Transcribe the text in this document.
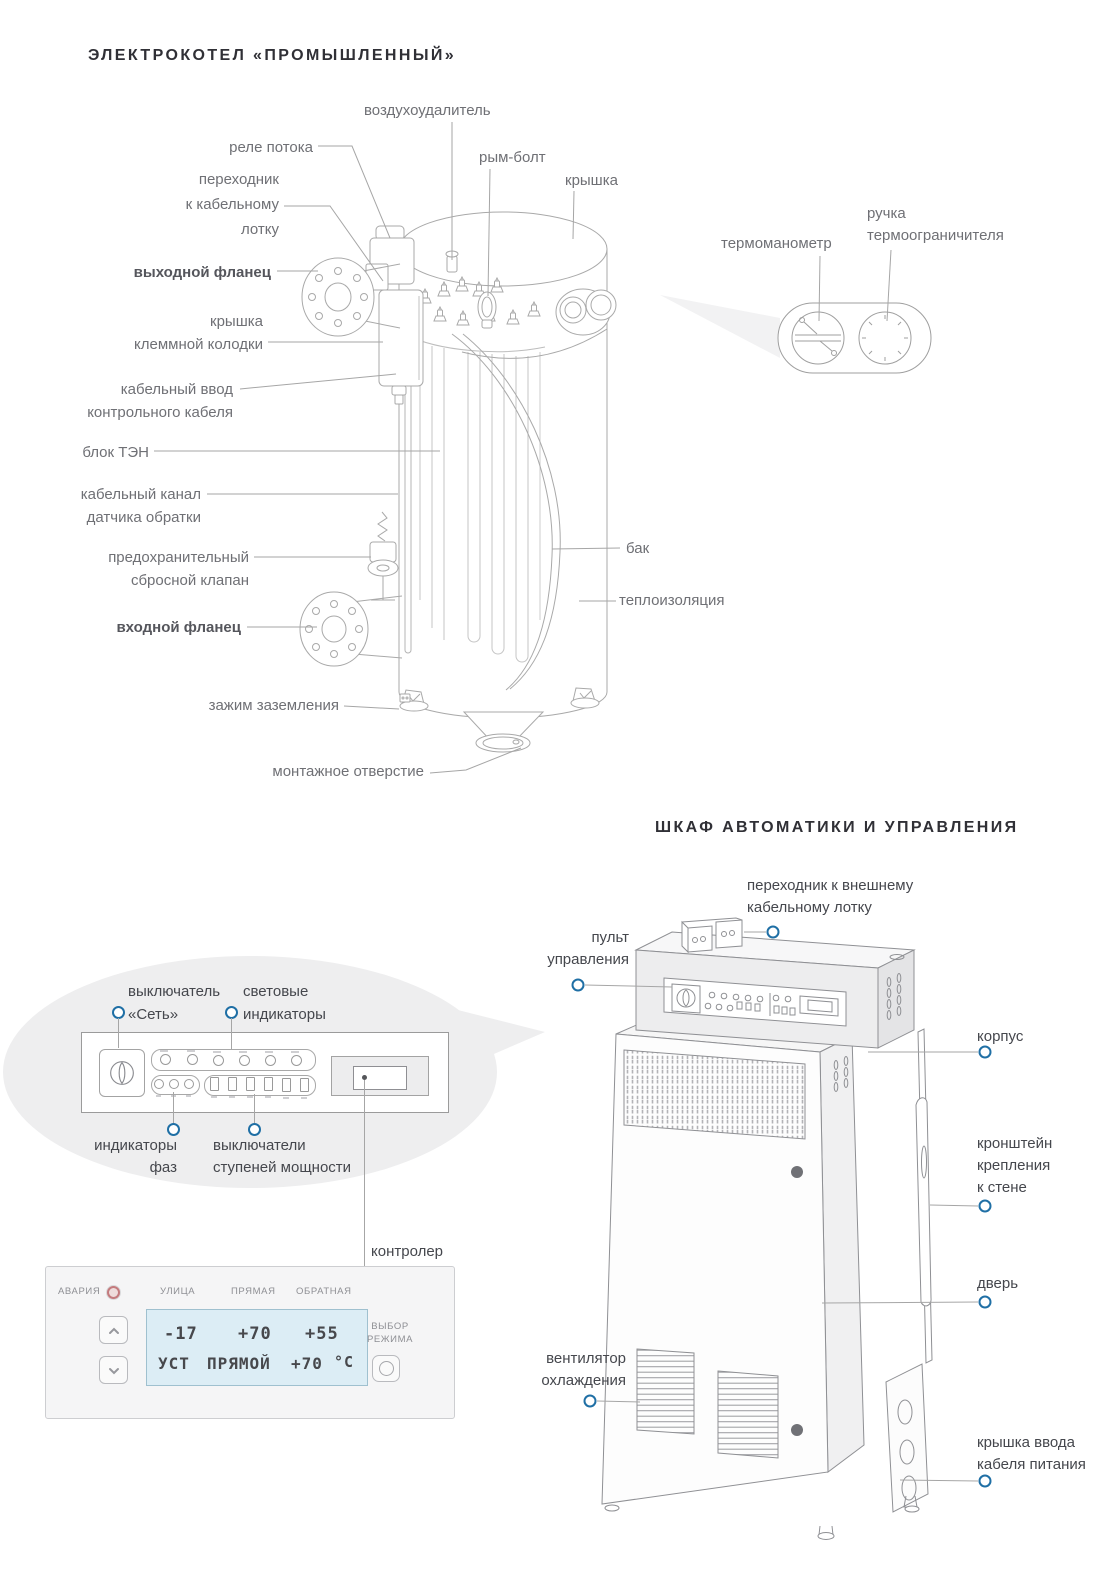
ЭЛЕКТРОКОТЕЛ «ПРОМЫШЛЕННЫЙ»
ШКАФ АВТОМАТИКИ И УПРАВЛЕНИЯ
воздухоудалитель
реле потока
переходник
к кабельному
лотку
выходной фланец
крышка
клеммной колодки
кабельный ввод
контрольного кабеля
блок ТЭН
кабельный канал
датчика обратки
предохранительный
сбросной клапан
входной фланец
зажим заземления
монтажное отверстие
бак
теплоизоляция
крышка
рым-болт
термоманометр
ручка
термоограничителя
переходник к внешнему
кабельному лотку
пульт
управления
корпус
кронштейн
крепления
к стене
дверь
вентилятор
охлаждения
крышка ввода
кабеля питания
выключатель
«Сеть»
световые
индикаторы
индикаторы
фаз
выключатели
ступеней мощности
контролер
АВАРИЯ	УЛИЦА	ПРЯМАЯ ОБРАТНАЯ
-17 +70 +55
УСТ ПРЯМОЙ +70 °C
ВЫБОР
РЕЖИМА
